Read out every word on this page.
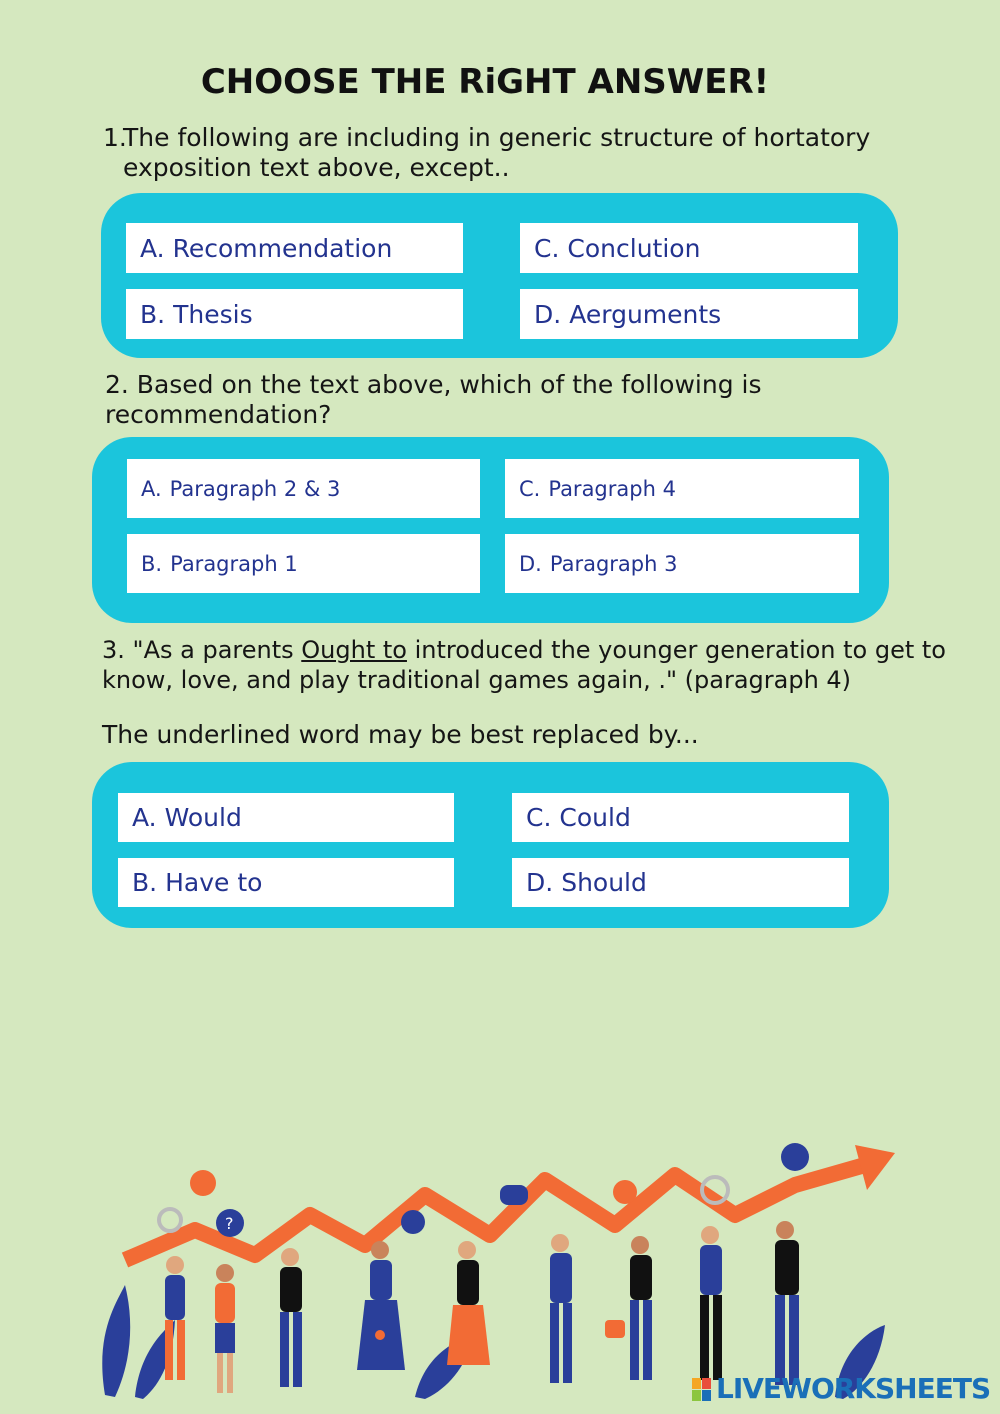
CHOOSE THE RiGHT ANSWER!
1.
The following are including in generic structure of hortatory exposition text above, except..
A. Recommendation
B. Thesis
C. Conclution
D. Aerguments
2. Based on the text above, which of the following is recommendation?
A. Paragraph 2 & 3
B. Paragraph 1
C. Paragraph 4
D. Paragraph 3
3. "As a parents Ought to introduced the younger generation to get to know, love, and play traditional games again, ." (paragraph 4)
The underlined word may be best replaced by...
A. Would
B. Have to
C. Could
D. Should
?
LIVEWORKSHEETS
